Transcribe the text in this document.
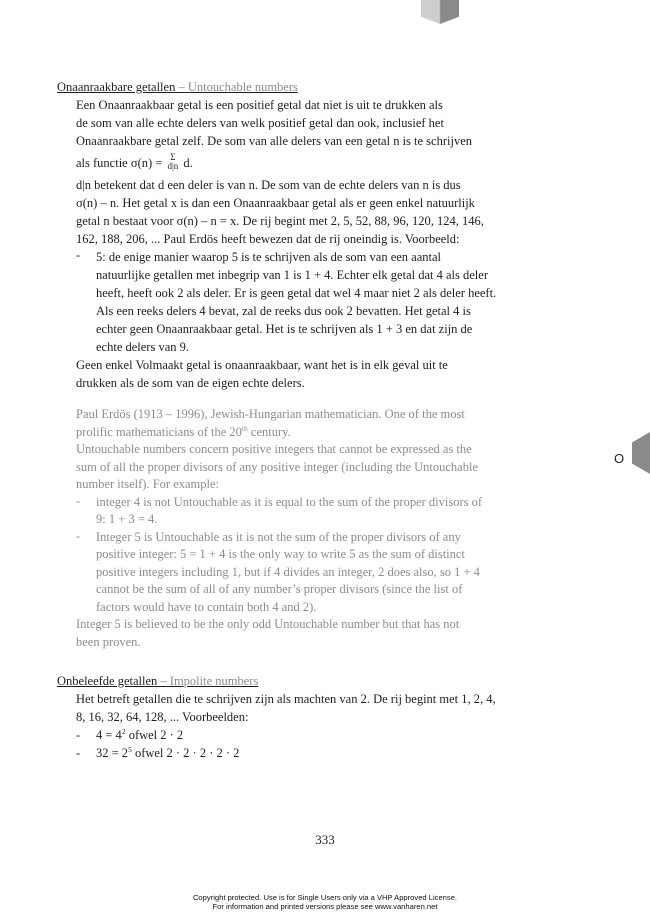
O
Onaanraakbare getallen – Untouchable numbers
Een Onaanraakbaar getal is een positief getal dat niet is uit te drukken als
de som van alle echte delers van welk positief getal dan ook, inclusief het
Onaanraakbare getal zelf. De som van alle delers van een getal n is te schrijven
als functie σ(n) = Σ
d|n d.
d|n betekent dat d een deler is van n. De som van de echte delers van n is dus
σ(n) – n. Het getal x is dan een Onaanraakbaar getal als er geen enkel natuurlijk
getal n bestaat voor σ(n) – n = x. De rij begint met 2, 5, 52, 88, 96, 120, 124, 146,
162, 188, 206, ... Paul Erdös heeft bewezen dat de rij oneindig is. Voorbeeld:
- 5: de enige manier waarop 5 is te schrijven als de som van een aantal
natuurlijke getallen met inbegrip van 1 is 1 + 4. Echter elk getal dat 4 als deler
heeft, heeft ook 2 als deler. Er is geen getal dat wel 4 maar niet 2 als deler heeft.
Als een reeks delers 4 bevat, zal de reeks dus ook 2 bevatten. Het getal 4 is
echter geen Onaanraakbaar getal. Het is te schrijven als 1 + 3 en dat zijn de
echte delers van 9.
Geen enkel Volmaakt getal is onaanraakbaar, want het is in elk geval uit te
drukken als de som van de eigen echte delers.
Paul Erdös (1913 – 1996), Jewish-Hungarian mathematician. One of the most
prolific mathematicians of the 20th century.
Untouchable numbers concern positive integers that cannot be expressed as the
sum of all the proper divisors of any positive integer (including the Untouchable
number itself). For example:
- integer 4 is not Untouchable as it is equal to the sum of the proper divisors of
9: 1 + 3 = 4.
- Integer 5 is Untouchable as it is not the sum of the proper divisors of any
positive integer: 5 = 1 + 4 is the only way to write 5 as the sum of distinct
positive integers including 1, but if 4 divides an integer, 2 does also, so 1 + 4
cannot be the sum of all of any number’s proper divisors (since the list of
factors would have to contain both 4 and 2).
Integer 5 is believed to be the only odd Untouchable number but that has not
been proven.
Onbeleefde getallen – Impolite numbers
Het betreft getallen die te schrijven zijn als machten van 2. De rij begint met 1, 2, 4,
8, 16, 32, 64, 128, ... Voorbeelden:
- $4 = 4^2$ ofwel 2 · 2
- $32 = 2^5$ ofwel 2 · 2 · 2 · 2 · 2
333
Copyright protected. Use is for Single Users only via a VHP Approved License.
For information and printed versions please see www.vanharen.net
